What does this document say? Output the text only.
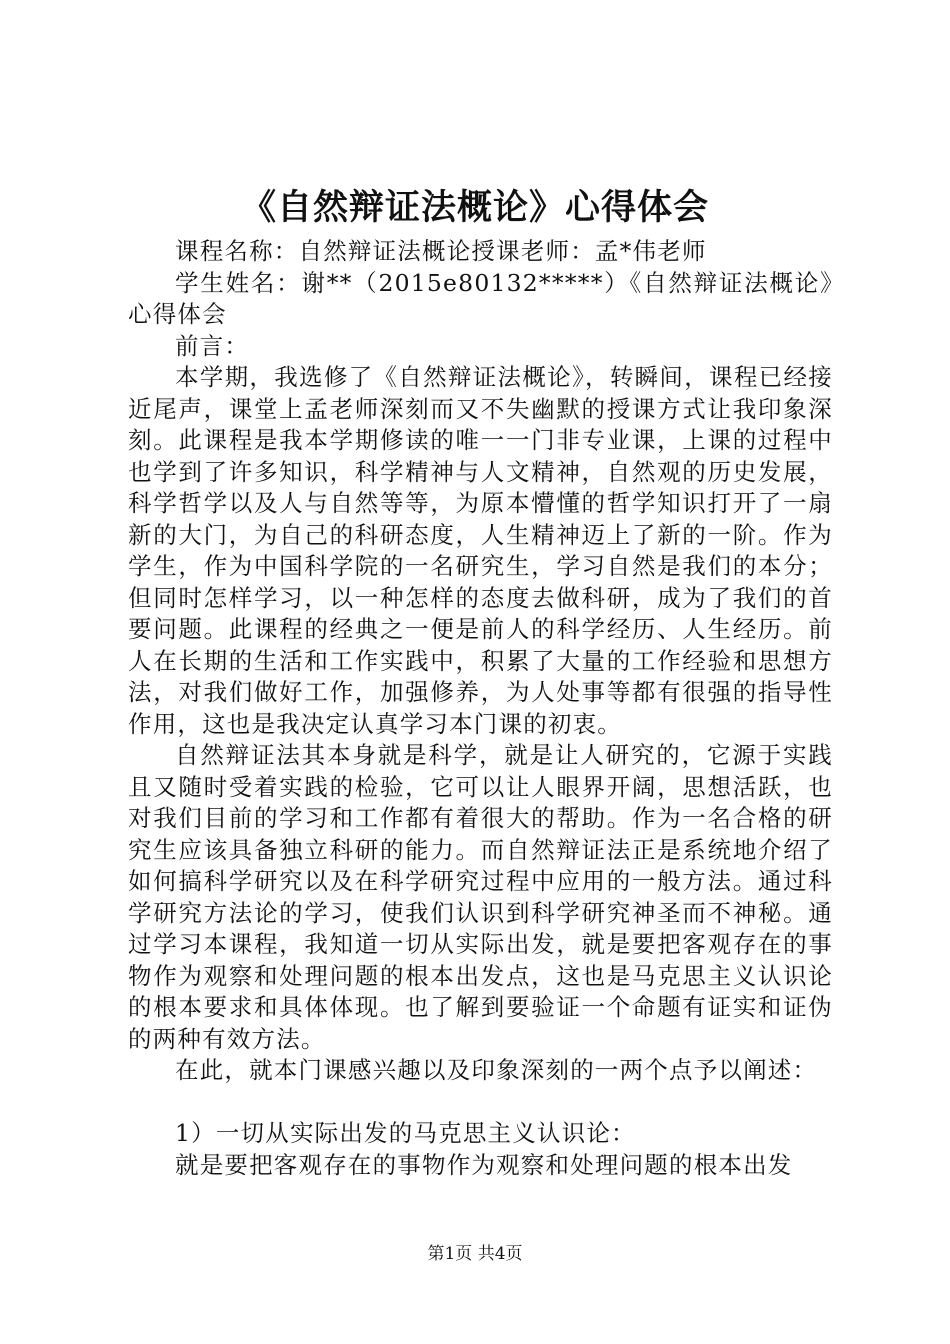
《自然辩证法概论》心得体会

课程名称：自然辩证法概论授课老师：孟*伟老师

学生姓名：谢**（2015e80132*****）《自然辩证法概论》心得体会

前言：

本学期，我选修了《自然辩证法概论》，转瞬间，课程已经接近尾声，课堂上孟老师深刻而又不失幽默的授课方式让我印象深刻。此课程是我本学期修读的唯一一门非专业课，上课的过程中也学到了许多知识，科学精神与人文精神，自然观的历史发展，科学哲学以及人与自然等等，为原本懵懂的哲学知识打开了一扇新的大门，为自己的科研态度，人生精神迈上了新的一阶。作为学生，作为中国科学院的一名研究生，学习自然是我们的本分；但同时怎样学习，以一种怎样的态度去做科研，成为了我们的首要问题。此课程的经典之一便是前人的科学经历、人生经历。前人在长期的生活和工作实践中，积累了大量的工作经验和思想方法，对我们做好工作，加强修养，为人处事等都有很强的指导性作用，这也是我决定认真学习本门课的初衷。

自然辩证法其本身就是科学，就是让人研究的，它源于实践且又随时受着实践的检验，它可以让人眼界开阔，思想活跃，也对我们目前的学习和工作都有着很大的帮助。作为一名合格的研究生应该具备独立科研的能力。而自然辩证法正是系统地介绍了如何搞科学研究以及在科学研究过程中应用的一般方法。通过科学研究方法论的学习，使我们认识到科学研究神圣而不神秘。通过学习本课程，我知道一切从实际出发，就是要把客观存在的事物作为观察和处理问题的根本出发点，这也是马克思主义认识论的根本要求和具体体现。也了解到要验证一个命题有证实和证伪的两种有效方法。

在此，就本门课感兴趣以及印象深刻的一两个点予以阐述：

1）一切从实际出发的马克思主义认识论：

就是要把客观存在的事物作为观察和处理问题的根本出发

第1页 共4页
